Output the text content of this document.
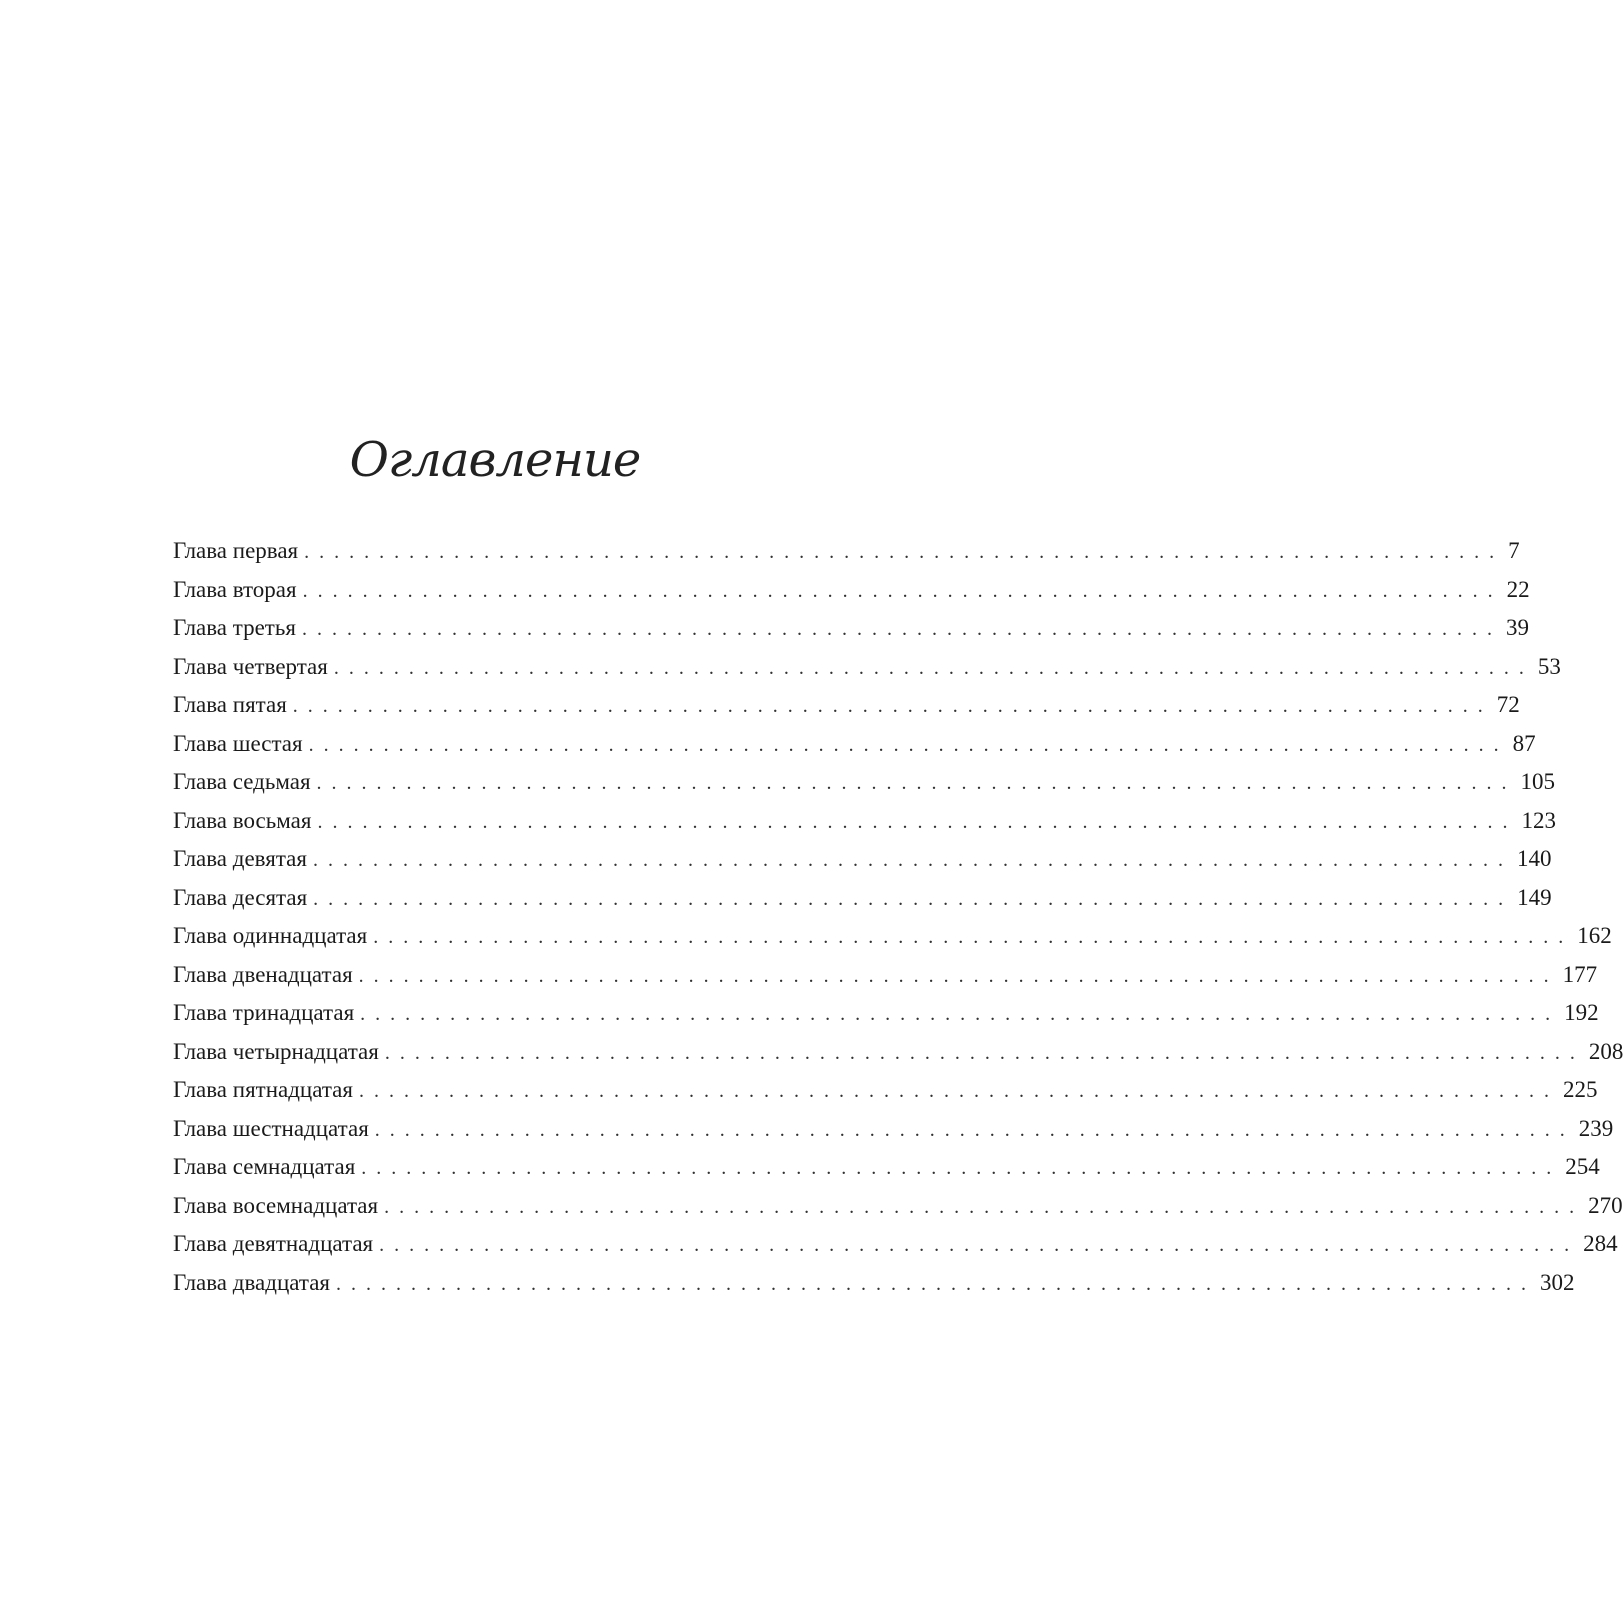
Оглавление
Глава первая ................................................................................ 7
Глава вторая ................................................................................ 22
Глава третья ................................................................................ 39
Глава четвертая ................................................................................ 53
Глава пятая ................................................................................ 72
Глава шестая ................................................................................ 87
Глава седьмая ................................................................................ 105
Глава восьмая ................................................................................ 123
Глава девятая ................................................................................ 140
Глава десятая ................................................................................ 149
Глава одиннадцатая ................................................................................ 162
Глава двенадцатая ................................................................................ 177
Глава тринадцатая ................................................................................ 192
Глава четырнадцатая ................................................................................ 208
Глава пятнадцатая ................................................................................ 225
Глава шестнадцатая ................................................................................ 239
Глава семнадцатая ................................................................................ 254
Глава восемнадцатая ................................................................................ 270
Глава девятнадцатая ................................................................................ 284
Глава двадцатая ................................................................................ 302
